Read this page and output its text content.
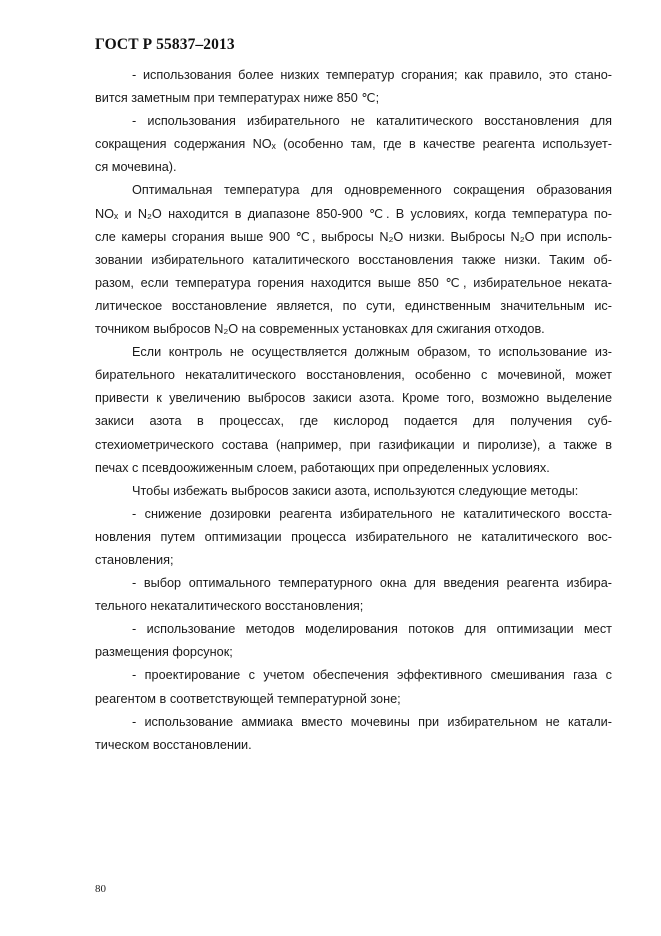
ГОСТ Р 55837–2013
- использования более низких температур сгорания; как правило, это стано-
вится заметным при температурах ниже 850 ℃;
- использования избирательного не каталитического восстановления для
сокращения содержания NOₓ (особенно там, где в качестве реагента использует-
ся мочевина).
Оптимальная температура для одновременного сокращения образования
NOₓ и N₂O находится в диапазоне 850-900 ℃. В условиях, когда температура по-
сле камеры сгорания выше 900 ℃, выбросы N₂O низки. Выбросы N₂O при исполь-
зовании избирательного каталитического восстановления также низки. Таким об-
разом, если температура горения находится выше 850 ℃, избирательное неката-
литическое восстановление является, по сути, единственным значительным ис-
точником выбросов N₂O на современных установках для сжигания отходов.
Если контроль не осуществляется должным образом, то использование из-
бирательного некаталитического восстановления, особенно с мочевиной, может
привести к увеличению выбросов закиси азота. Кроме того, возможно выделение
закиси азота в процессах, где кислород подается для получения суб-
стехиометрического состава (например, при газификации и пиролизе), а также в
печах с псевдоожиженным слоем, работающих при определенных условиях.
Чтобы избежать выбросов закиси азота, используются следующие методы:
- снижение дозировки реагента избирательного не каталитического восста-
новления путем оптимизации процесса избирательного не каталитического вос-
становления;
- выбор оптимального температурного окна для введения реагента избира-
тельного некаталитического восстановления;
- использование методов моделирования потоков для оптимизации мест
размещения форсунок;
- проектирование с учетом обеспечения эффективного смешивания газа с
реагентом в соответствующей температурной зоне;
- использование аммиака вместо мочевины при избирательном не катали-
тическом восстановлении.
80
